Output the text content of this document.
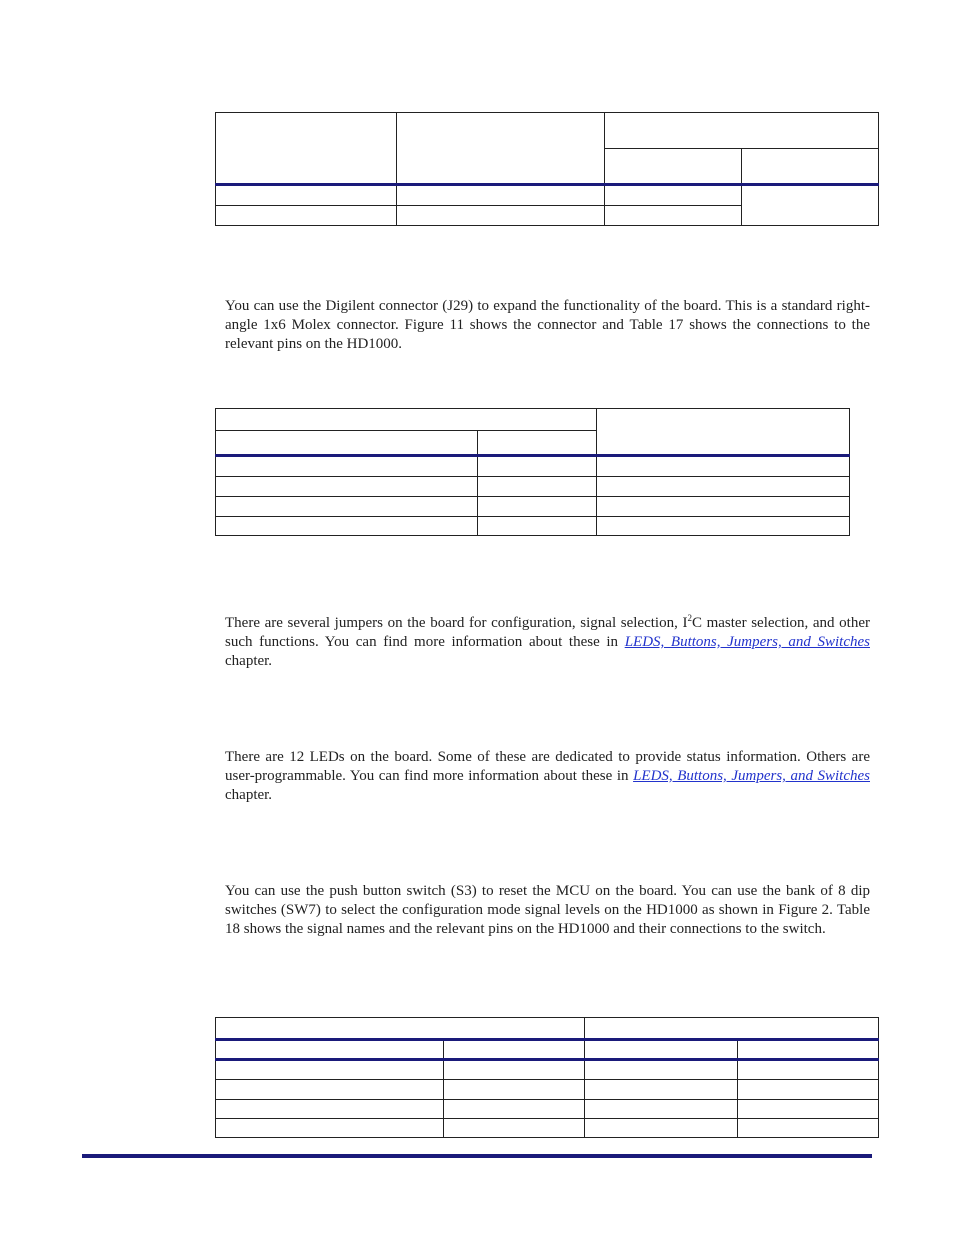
You can use the Digilent connector (J29) to expand the functionality of the board. This is a standard right-angle 1x6 Molex connector. Figure 11 shows the connector and Table 17 shows the connections to the relevant pins on the HD1000.

There are several jumpers on the board for configuration, signal selection, $I^2C$ master selection, and other such functions. You can find more information about these in LEDS, Buttons, Jumpers, and Switches chapter.

There are 12 LEDs on the board. Some of these are dedicated to provide status information. Others are user-programmable. You can find more information about these in LEDS, Buttons, Jumpers, and Switches chapter.

You can use the push button switch (S3) to reset the MCU on the board. You can use the bank of 8 dip switches (SW7) to select the configuration mode signal levels on the HD1000 as shown in Figure 2. Table 18 shows the signal names and the relevant pins on the HD1000 and their connections to the switch.
